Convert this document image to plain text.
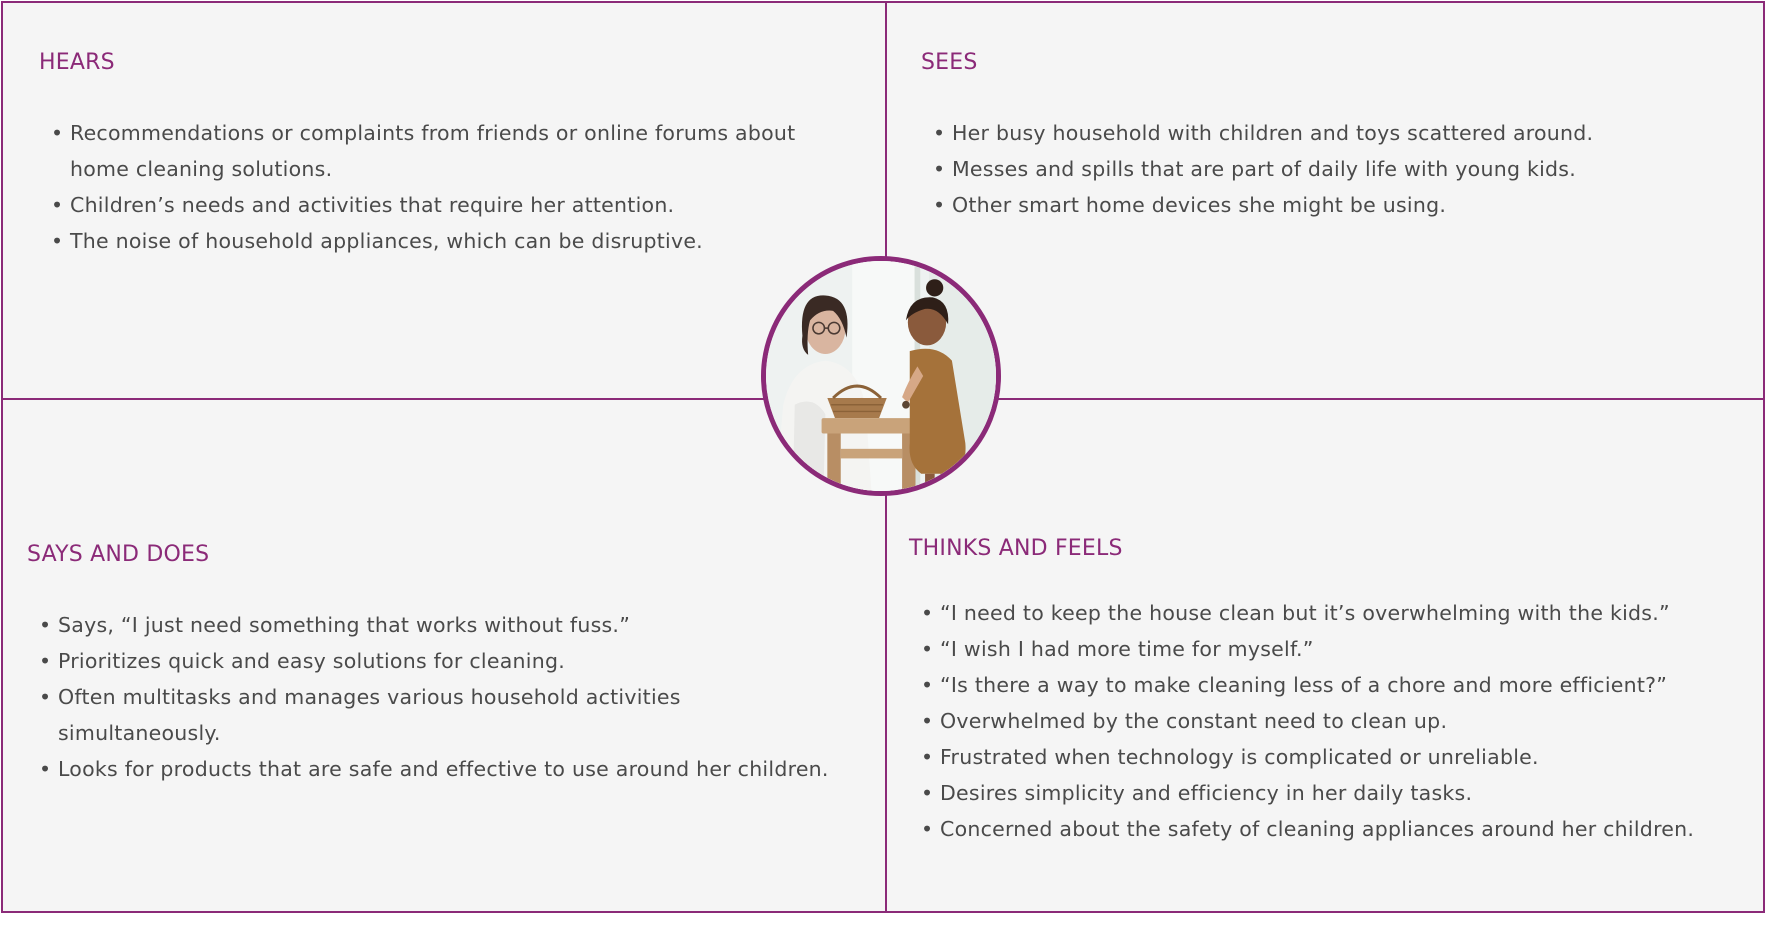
HEARS
• Recommendations or complaints from friends or online forums about home cleaning solutions.
• Children’s needs and activities that require her attention.
• The noise of household appliances, which can be disruptive.
SEES
• Her busy household with children and toys scattered around.
• Messes and spills that are part of daily life with young kids.
• Other smart home devices she might be using.
SAYS AND DOES
• Says, “I just need something that works without fuss.”
• Prioritizes quick and easy solutions for cleaning.
• Often multitasks and manages various household activities simultaneously.
• Looks for products that are safe and effective to use around her children.
THINKS AND FEELS
• “I need to keep the house clean but it’s overwhelming with the kids.”
• “I wish I had more time for myself.”
• “Is there a way to make cleaning less of a chore and more efficient?”
• Overwhelmed by the constant need to clean up.
• Frustrated when technology is complicated or unreliable.
• Desires simplicity and efficiency in her daily tasks.
• Concerned about the safety of cleaning appliances around her children.
